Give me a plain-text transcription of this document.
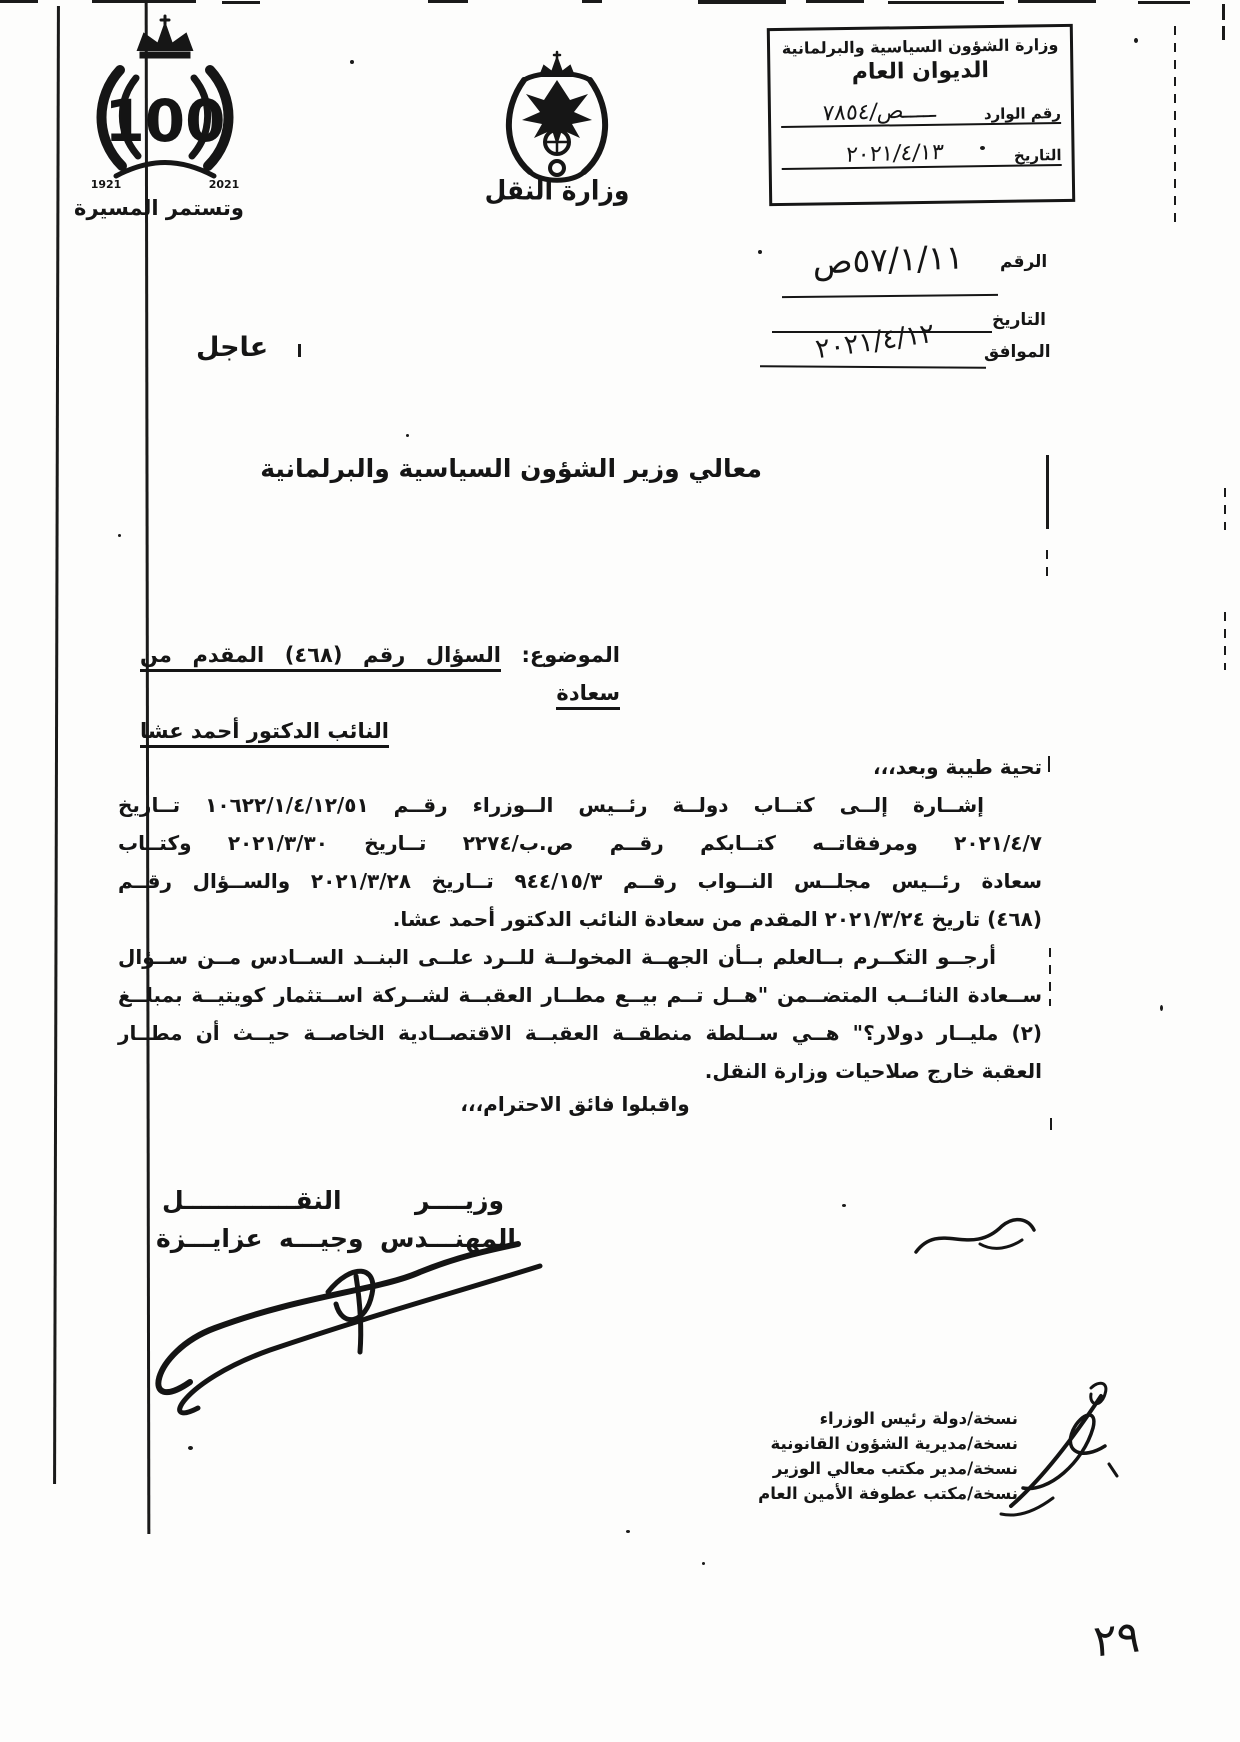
100
1921	2021
وتستمر المسيرة
وزارة النقل
وزارة الشؤون السياسية والبرلمانية
الديوان العام
رقم الوارد
٧٨٥٤/صـــــ
التاريخ
٢٠٢١/٤/١٣
الرقم
ص٥٧/١/١١
التاريخ
الموافق
٢٠٢١/٤/١٢
عاجل
معالي وزير الشؤون السياسية والبرلمانية
الموضوع: السؤال رقم (٤٦٨) المقدم من سعادة
النائب الدكتور أحمد عشا
تحية طيبة وبعد،،،
إشــارة إلــى كتــاب دولــة رئــيس الــوزراء رقــم ١٠٦٢٢/١/٤/١٢/٥١ تــاريخ
٢٠٢١/٤/٧ ومرفقاتــه كتــابكم رقــم ص.ب/٢٢٧٤ تــاريخ ٢٠٢١/٣/٣٠ وكتــاب
سعادة رئــيس مجلــس النــواب رقــم ٩٤٤/١٥/٣ تــاريخ ٢٠٢١/٣/٢٨ والســؤال رقــم
(٤٦٨) تاريخ ٢٠٢١/٣/٢٤ المقدم من سعادة النائب الدكتور أحمد عشا.
أرجــو التكــرم بــالعلم بــأن الجهــة المخولــة للــرد علــى البنــد الســادس مــن ســؤال
ســعادة النائــب المتضــمن "هــل تــم بيــع مطــار العقبــة لشــركة اســتثمار كويتيــة بمبلــغ
(٢) مليــار دولار؟" هــي ســلطة منطقــة العقبــة الاقتصــادية الخاصــة حيــث أن مطــار
العقبة خارج صلاحيات وزارة النقل.
واقبلوا فائق الاحترام،،،
وزيــــر النقـــــــــــــل
المهنـــدس وجيـــه عزايـــزة
نسخة/دولة رئيس الوزراء
نسخة/مديرية الشؤون القانونية
نسخة/مدير مكتب معالي الوزير
نسخة/مكتب عطوفة الأمين العام
٢٩
